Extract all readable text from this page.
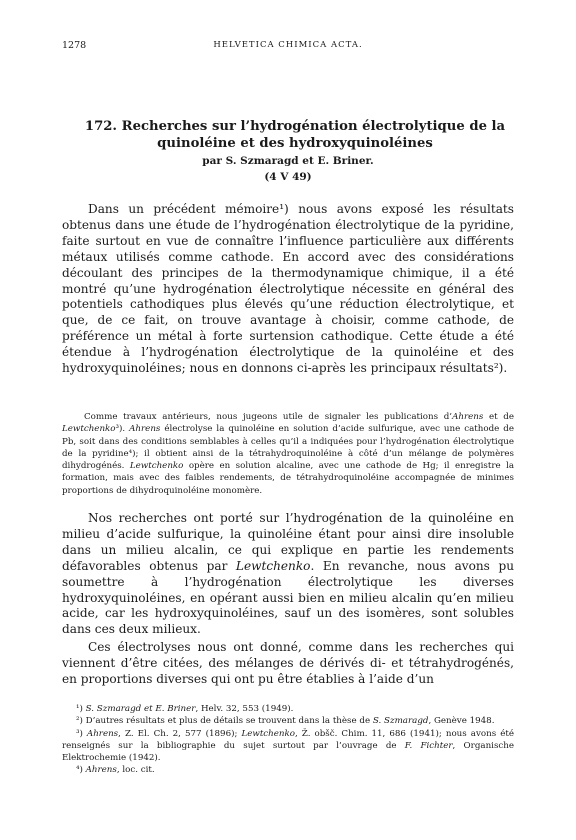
1278	HELVETICA CHIMICA ACTA.
172. Recherches sur l’hydrogénation électrolytique de la quinoléine et des hydroxyquinoléines
par S. Szmaragd et E. Briner.
(4 V 49)

Dans un précédent mémoire¹) nous avons exposé les résultats obtenus dans une étude de l’hydrogénation électrolytique de la pyridine, faite surtout en vue de connaître l’influence particulière aux différents métaux utilisés comme cathode. En accord avec des considérations découlant des principes de la thermodynamique chimique, il a été montré qu’une hydrogénation électrolytique nécessite en général des potentiels cathodiques plus élevés qu’une réduction électrolytique, et que, de ce fait, on trouve avantage à choisir, comme cathode, de préférence un métal à forte surtension cathodique. Cette étude a été étendue à l’hydrogénation électrolytique de la quinoléine et des hydroxyquinoléines; nous en donnons ci-après les principaux résultats²).

Comme travaux antérieurs, nous jugeons utile de signaler les publications d’Ahrens et de Lewtchenko³). Ahrens électrolyse la quinoléine en solution d’acide sulfurique, avec une cathode de Pb, soit dans des conditions semblables à celles qu’il a indiquées pour l’hydrogénation électrolytique de la pyridine⁴); il obtient ainsi de la tétrahydroquinoléine à côté d’un mélange de polymères dihydrogénés. Lewtchenko opère en solution alcaline, avec une cathode de Hg; il enregistre la formation, mais avec des faibles rendements, de tétrahydroquinoléine accompagnée de minimes proportions de dihydroquinoléine monomère.

Nos recherches ont porté sur l’hydrogénation de la quinoléine en milieu d’acide sulfurique, la quinoléine étant pour ainsi dire insoluble dans un milieu alcalin, ce qui explique en partie les rendements défavorables obtenus par Lewtchenko. En revanche, nous avons pu soumettre à l’hydrogénation électrolytique les diverses hydroxyquinoléines, en opérant aussi bien en milieu alcalin qu’en milieu acide, car les hydroxyquinoléines, sauf un des isomères, sont solubles dans ces deux milieux.

Ces électrolyses nous ont donné, comme dans les recherches qui viennent d’être citées, des mélanges de dérivés di- et tétrahydrogénés, en proportions diverses qui ont pu être établies à l’aide d’un

¹) S. Szmaragd et E. Briner, Helv. 32, 553 (1949).

²) D’autres résultats et plus de détails se trouvent dans la thèse de S. Szmaragd, Genève 1948.

³) Ahrens, Z. El. Ch. 2, 577 (1896); Lewtchenko, Ž. obšč. Chim. 11, 686 (1941); nous avons été renseignés sur la bibliographie du sujet surtout par l’ouvrage de F. Fichter, Organische Elektrochemie (1942).

⁴) Ahrens, loc. cit.
